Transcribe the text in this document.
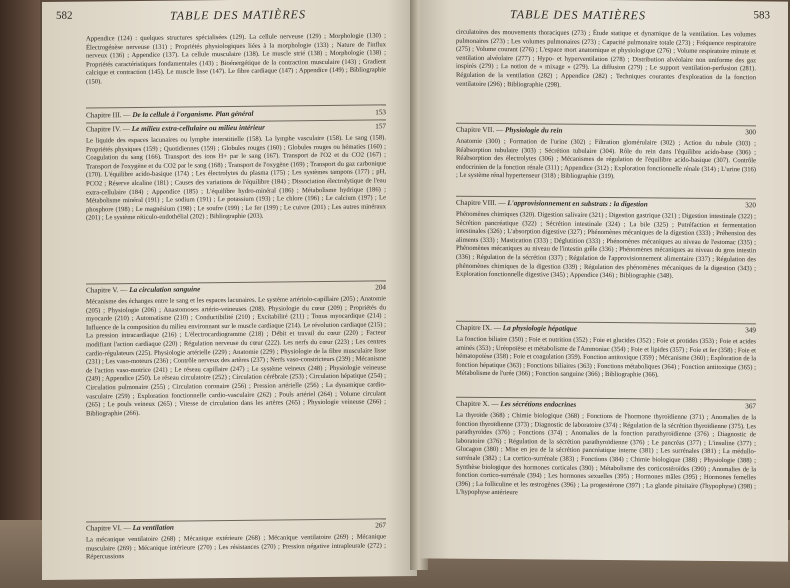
582	TABLE DES MATIÈRES
Appendice (124) : quelques structures spécialisées (129). La cellule nerveuse (129) ; Morphologie (130) ; Électrogénèse nerveuse (131) ; Propriétés physiologiques liées à la morphologie (133) ; Nature de l'influx nerveux (136) ; Appendice (137). La cellule musculaire (138). Le muscle strié (138) ; Morphologie (138) ; Propriétés caractéristiques fondamentales (143) ; Bioénergétique de la contraction musculaire (143) ; Gradient calcique et contraction (145). Le muscle lisse (147). Le fibre cardiaque (147) ; Appendice (149) ; Bibliographie (150).
Chapitre III. — De la cellule à l'organisme. Plan général	153
Chapitre IV. — Le milieu extra-cellulaire ou milieu intérieur	157
Le liquide des espaces lacunaires ou lymphe interstitielle (158). La lymphe vasculaire (158). Le sang (158). Propriétés physiques (159) ; Quotidiennes (159) ; Globules rouges (160) ; Globules rouges ou hématies (160) ; Coagulation du sang (166). Transport des ions H+ par le sang (167). Transport de l'O2 et du CO2 (167) ; Transport de l'oxygène et du CO2 par le sang (168) ; Transport de l'oxygène (169) ; Transport du gaz carbonique (170). L'équilibre acido-basique (174) ; Les électrolytes du plasma (175) ; Les systèmes tampons (177) ; pH, PCO2 ; Réserve alcaline (181) ; Causes des variations de l'équilibre (184) ; Dissociation électrolytique de l'eau extra-cellulaire (184) ; Appendice (185) ; L'équilibre hydro-minéral (186) ; Métabolisme hydrique (186) ; Métabolisme minéral (191) ; Le sodium (191) ; Le potassium (193) ; Le chlore (196) ; Le calcium (197) ; Le phosphore (198) ; Le magnésium (198) ; Le soufre (199) ; Le fer (199) ; Le cuivre (201) ; Les autres minéraux (201) ; Le système réticulo-endothélial (202) ; Bibliographie (203).
Chapitre V. — La circulation sanguine	204
Mécanisme des échanges entre le sang et les espaces lacunaires. Le système artériolo-capillaire (205) ; Anatomie (205) ; Physiologie (206) ; Anastomoses artério-veineuses (208). Physiologie du cœur (209) ; Propriétés du myocarde (210) ; Automatisme (210) ; Conductibilité (210) ; Excitabilité (211) ; Tonus myocardique (214) ; Influence de la composition du milieu environnant sur le muscle cardiaque (214). Le révolution cardiaque (215) ; La pression intracardiaque (216) ; L'électrocardiogramme (218) ; Débit et travail du cœur (220) ; Facteur modifiant l'action cardiaque (220) ; Régulation nerveuse du cœur (222). Les nerfs du cœur (223) ; Les centres cardio-régulateurs (225). Physiologie artérielle (229) ; Anatomie (229) ; Physiologie de la fibre musculaire lisse (231) ; Les vaso-moteurs (236) ; Contrôle nerveux des artères (237) ; Nerfs vaso-constricteurs (239) ; Mécanisme de l'action vaso-motrice (241) ; Le réseau capillaire (247) ; Le système veineux (248) ; Physiologie veineuse (249) ; Appendice (250). Le réseau circulatoire (252) ; Circulation cérébrale (253) ; Circulation hépatique (254) ; Circulation pulmonaire (255) ; Circulation coronaire (256) ; Pression artérielle (256) ; La dynamique cardio-vasculaire (259) ; Exploration fonctionnelle cardio-vasculaire (262) ; Pouls artériel (264) ; Volume circulant (265) ; Le pouls veineux (265) ; Vitesse de circulation dans les artères (265) ; Physiologie veineuse (266) ; Bibliographie (266).
Chapitre VI. — La ventilation	267
La mécanique ventilatoire (268) ; Mécanique extérieure (268) ; Mécanique ventilatoire (269) ; Mécanique musculaire (269) ; Mécanique intérieure (270) ; Les résistances (270) ; Pression négative intrapleurale (272) ; Répercussions
TABLE DES MATIÈRES	583
circulatoires des mouvements thoraciques (273) ; Étude statique et dynamique de la ventilation. Les volumes pulmonaires (273) ; Les volumes pulmonaires (273) ; Capacité pulmonaire totale (273) ; Fréquence respiratoire (275) ; Volume courant (276) ; L'espace mort anatomique et physiologique (276) ; Volume respiratoire minute et ventilation alvéolaire (277) ; Hypo- et hyperventilation (278) ; Distribution alvéolaire non uniforme des gaz inspirés (279) ; La notion de « mixage » (279). La diffusion (279) ; Le support ventilation-perfusion (281). Régulation de la ventilation (282) ; Appendice (282) ; Techniques courantes d'exploration de la fonction ventilatoire (296) ; Bibliographie (298).
Chapitre VII. — Physiologie du rein	300
Anatomie (300) ; Formation de l'urine (302) ; Filtration glomérulaire (302) ; Action du tubule (303) ; Réabsorption tubulaire (303) ; Sécrétion tubulaire (304). Rôle du rein dans l'équilibre acido-base (306) ; Réabsorption des électrolytes (306) ; Mécanismes de régulation de l'équilibre acido-basique (307). Contrôle endocrinien de la fonction rénale (311) ; Appendice (312) ; Exploration fonctionnelle rénale (314) ; L'urine (316) ; Le système rénal hypertenseur (318) ; Bibliographie (319).
Chapitre VIII. — L'approvisionnement en substrats : la digestion	320
Phénomènes chimiques (320). Digestion salivaire (321) ; Digestion gastrique (321) ; Digestion intestinale (322) ; Sécrétion pancréatique (322) ; Sécrétion intestinale (324) ; La bile (325) ; Putréfaction et fermentation intestinales (326) ; L'absorption digestive (327) ; Phénomènes mécaniques de la digestion (333) ; Préhension des aliments (333) ; Mastication (333) ; Déglutition (333) ; Phénomènes mécaniques au niveau de l'estomac (335) ; Phénomènes mécaniques au niveau de l'intestin grêle (336) ; Phénomènes mécaniques au niveau du gros intestin (336) ; Régulation de la sécrétion (337) ; Régulation de l'approvisionnement alimentaire (337) ; Régulation des phénomènes chimiques de la digestion (339) ; Régulation des phénomènes mécaniques de la digestion (343) ; Exploration fonctionnelle digestive (345) ; Appendice (346) ; Bibliographie (348).
Chapitre IX. — La physiologie hépatique	349
La fonction biliaire (350) ; Foie et nutrition (352) ; Foie et glucides (352) ; Foie et protides (353) ; Foie et acides aminés (353) ; Uréopoïèse et métabolisme de l'Ammoniac (354) ; Foie et lipides (357) ; Foie et fer (358) ; Foie et hématopoïèse (358) ; Foie et coagulation (359). Fonction antitoxique (359) ; Mécanisme (360) ; Exploration de la fonction hépatique (363) ; Fonctions biliaires (363) ; Fonctions métaboliques (364) ; Fonction antitoxique (365) ; Métabolisme de l'urée (366) ; Fonction sanguine (366) ; Bibliographie (366).
Chapitre X. — Les sécrétions endocrines	367
La thyroïde (368) ; Chimie biologique (368) ; Fonctions de l'hormone thyroïdienne (371) ; Anomalies de la fonction thyroïdienne (373) ; Diagnostic de laboratoire (374) ; Régulation de la sécrétion thyroïdienne (375). Les parathyroïdes (376) ; Fonctions (374) ; Anomalies de la fonction parathyroïdienne (376) ; Diagnostic de laboratoire (376) ; Régulation de la sécrétion parathyroïdienne (376) ; Le pancréas (377) ; L'insuline (377) ; Glucagon (380) ; Mise en jeu de la sécrétion pancréatique interne (381) ; Les surrénales (381) ; La médullo-surrénale (382) ; La cortico-surrénale (383) ; Fonctions (384) ; Chimie biologique (388) ; Physiologie (388) ; Synthèse biologique des hormones corticales (390) ; Métabolisme des corticostéroïdes (390) ; Anomalies de la fonction cortico-surrénale (394) ; Les hormones sexuelles (395) ; Hormones mâles (395) ; Hormones femelles (396) ; La folliculine et les œstrogènes (396) ; La progestérone (397) ; La glande pituitaire (l'hypophyse) (398) ; L'hypophyse antérieure
